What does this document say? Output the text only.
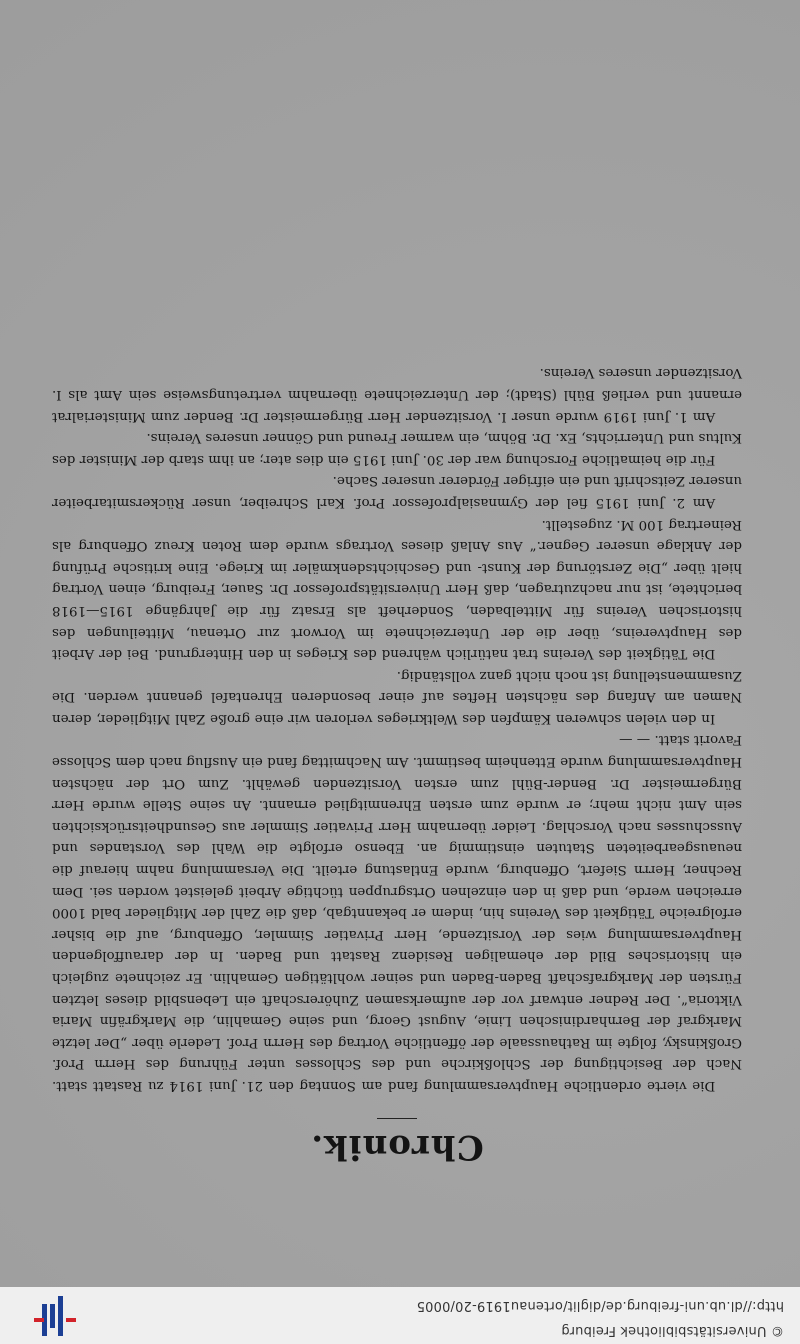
© Universitätsbibliothek Freiburg
http://dl.ub.uni-freiburg.de/diglit/ortenau1919-20/0005
Chronik.

Die vierte ordentliche Hauptversammlung fand am Sonntag den 21. Juni 1914 zu Rastatt statt. Nach der Besichtigung der Schloßkirche und des Schlosses unter Führung des Herrn Prof. Großkinsky, folgte im Rathaussaale der öffentliche Vortrag des Herrn Prof. Lederle über „Der letzte Markgraf der Bernhardinischen Linie, August Georg, und seine Gemahlin, die Markgräfin Maria Viktoria“. Der Redner entwarf vor der aufmerksamen Zuhörerschaft ein Lebensbild dieses letzten Fürsten der Markgrafschaft Baden-Baden und seiner wohltätigen Gemahlin. Er zeichnete zugleich ein historisches Bild der ehemaligen Residenz Rastatt und Baden. In der darauffolgenden Hauptversammlung wies der Vorsitzende, Herr Privatier Simmler, Offenburg, auf die bisher erfolgreiche Tätigkeit des Vereins hin, indem er bekanntgab, daß die Zahl der Mitglieder bald 1000 erreichen werde, und daß in den einzelnen Ortsgruppen tüchtige Arbeit geleistet worden sei. Dem Rechner, Herrn Siefert, Offenburg, wurde Entlastung erteilt. Die Versammlung nahm hierauf die neuausgearbeiteten Statuten einstimmig an. Ebenso erfolgte die Wahl des Vorstandes und Ausschusses nach Vorschlag. Leider übernahm Herr Privatier Simmler aus Gesundheitsrücksichten sein Amt nicht mehr; er wurde zum ersten Ehrenmitglied ernannt. An seine Stelle wurde Herr Bürgermeister Dr. Bender-Bühl zum ersten Vorsitzenden gewählt. Zum Ort der nächsten Hauptversammlung wurde Ettenheim bestimmt. Am Nachmittag fand ein Ausflug nach dem Schlosse Favorit statt. — —

In den vielen schweren Kämpfen des Weltkrieges verloren wir eine große Zahl Mitglieder, deren Namen am Anfang des nächsten Heftes auf einer besonderen Ehrentafel genannt werden. Die Zusammenstellung ist noch nicht ganz vollständig.

Die Tätigkeit des Vereins trat natürlich während des Krieges in den Hintergrund. Bei der Arbeit des Hauptvereins, über die der Unterzeichnete im Vorwort zur Ortenau, Mitteilungen des historischen Vereins für Mittelbaden, Sonderheft als Ersatz für die Jahrgänge 1915—1918 berichtete, ist nur nachzutragen, daß Herr Universitätsprofessor Dr. Sauer, Freiburg, einen Vortrag hielt über „Die Zerstörung der Kunst- und Geschichtsdenkmäler im Kriege. Eine kritische Prüfung der Anklage unserer Gegner.“ Aus Anlaß dieses Vortrags wurde dem Roten Kreuz Offenburg als Reinertrag 100 M. zugestellt.

Am 2. Juni 1915 fiel der Gymnasialprofessor Prof. Karl Schreiber, unser Rückersmitarbeiter unserer Zeitschrift und ein eifriger Förderer unserer Sache.

Für die heimatliche Forschung war der 30. Juni 1915 ein dies ater; an ihm starb der Minister des Kultus und Unterrichts, Ex. Dr. Böhm, ein warmer Freund und Gönner unseres Vereins.

Am 1. Juni 1919 wurde unser I. Vorsitzender Herr Bürgermeister Dr. Bender zum Ministerialrat ernannt und verließ Bühl (Stadt); der Unterzeichnete übernahm vertretungsweise sein Amt als I. Vorsitzender unseres Vereins.
